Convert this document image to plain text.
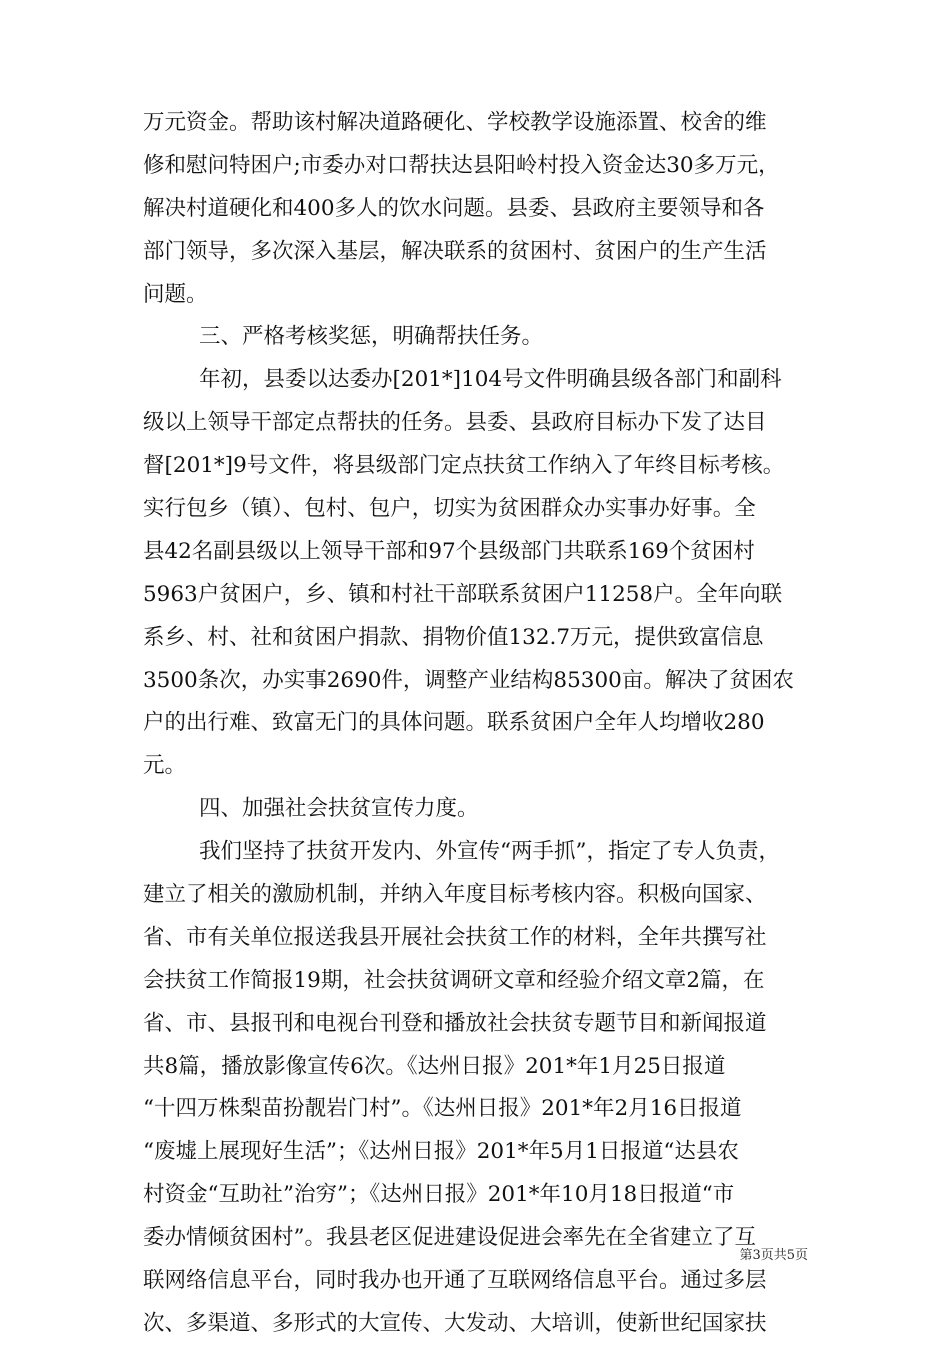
万元资金。帮助该村解决道路硬化、学校教学设施添置、校舍的维
修和慰问特困户;市委办对口帮扶达县阳岭村投入资金达30多万元，
解决村道硬化和400多人的饮水问题。县委、县政府主要领导和各
部门领导，多次深入基层，解决联系的贫困村、贫困户的生产生活
问题。
三、严格考核奖惩，明确帮扶任务。
年初，县委以达委办[201*]104号文件明确县级各部门和副科
级以上领导干部定点帮扶的任务。县委、县政府目标办下发了达目
督[201*]9号文件，将县级部门定点扶贫工作纳入了年终目标考核。
实行包乡（镇）、包村、包户，切实为贫困群众办实事办好事。全
县42名副县级以上领导干部和97个县级部门共联系169个贫困村
5963户贫困户，乡、镇和村社干部联系贫困户11258户。全年向联
系乡、村、社和贫困户捐款、捐物价值132.7万元，提供致富信息
3500条次，办实事2690件，调整产业结构85300亩。解决了贫困农
户的出行难、致富无门的具体问题。联系贫困户全年人均增收280
元。
四、加强社会扶贫宣传力度。
我们坚持了扶贫开发内、外宣传“两手抓”，指定了专人负责，
建立了相关的激励机制，并纳入年度目标考核内容。积极向国家、
省、市有关单位报送我县开展社会扶贫工作的材料，全年共撰写社
会扶贫工作简报19期，社会扶贫调研文章和经验介绍文章2篇，在
省、市、县报刊和电视台刊登和播放社会扶贫专题节目和新闻报道
共8篇，播放影像宣传6次。《达州日报》201*年1月25日报道
“十四万株梨苗扮靓岩门村”。《达州日报》201*年2月16日报道
“废墟上展现好生活”；《达州日报》201*年5月1日报道“达县农
村资金“互助社”治穷”；《达州日报》201*年10月18日报道“市
委办情倾贫困村”。我县老区促进建设促进会率先在全省建立了互
联网络信息平台，同时我办也开通了互联网络信息平台。通过多层
次、多渠道、多形式的大宣传、大发动、大培训，使新世纪国家扶
第3页共5页
